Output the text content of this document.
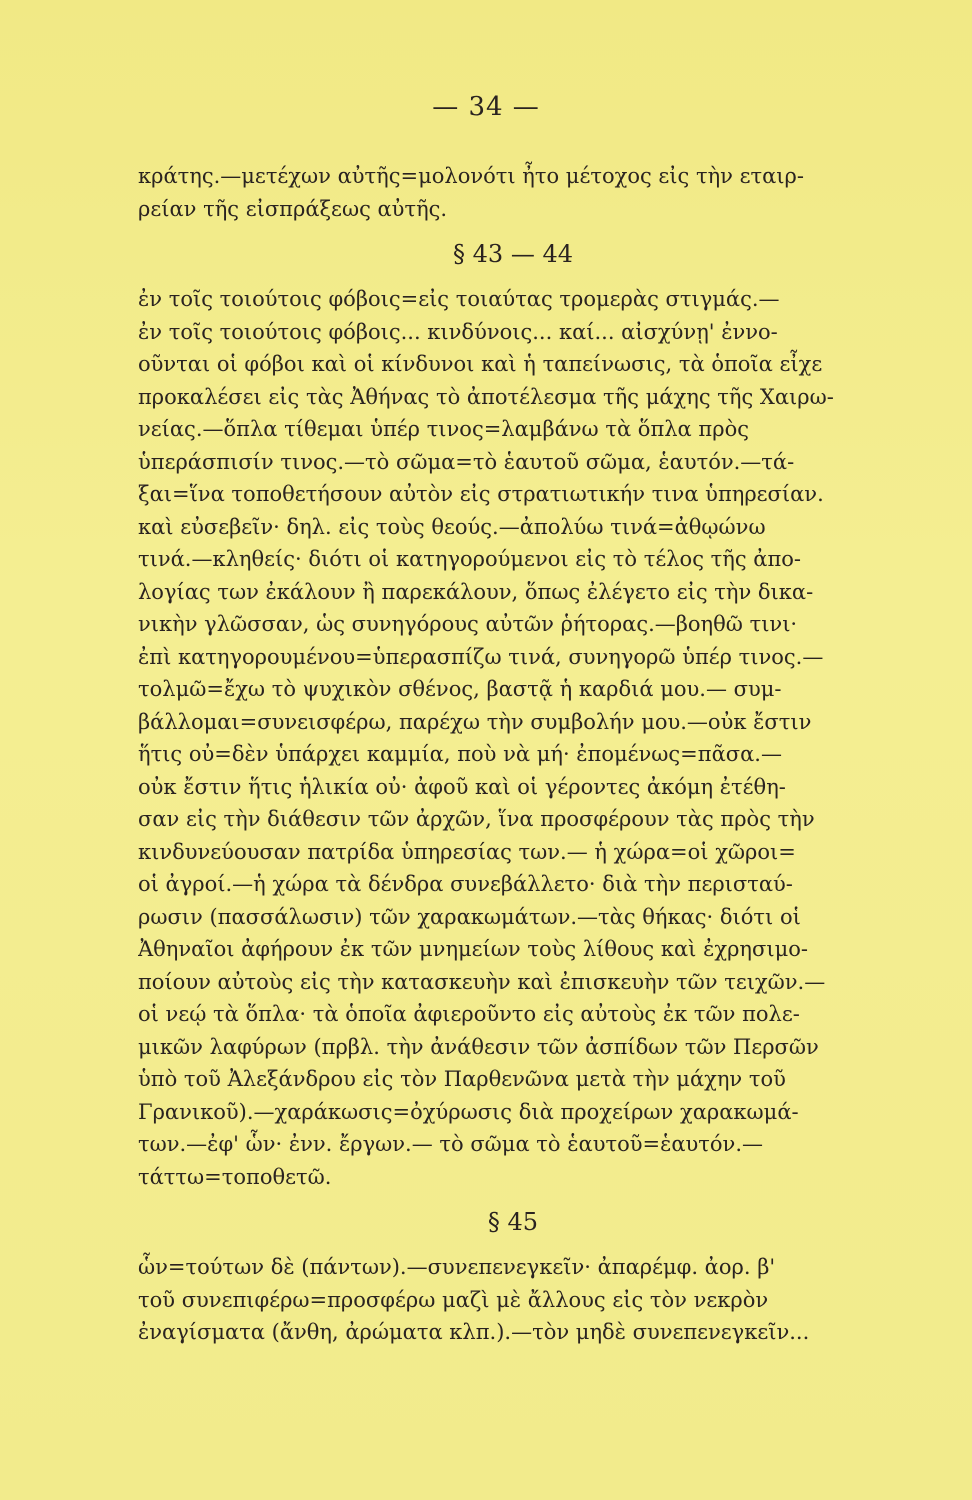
— 34 —
κράτης.—μετέχων αὐτῆς=μολονότι ἦτο μέτοχος εἰς τὴν εταιρ-
ρείαν τῆς εἰσπράξεως αὐτῆς.
§ 43 — 44
ἐν τοῖς τοιούτοις φόβοις=εἰς τοιαύτας τρομερὰς στιγμάς.—
ἐν τοῖς τοιούτοις φόβοις... κινδύνοις... καί... αἰσχύνῃ' ἐννο-
οῦνται οἱ φόβοι καὶ οἱ κίνδυνοι καὶ ἡ ταπείνωσις, τὰ ὁποῖα εἶχε
προκαλέσει εἰς τὰς Ἀθήνας τὸ ἀποτέλεσμα τῆς μάχης τῆς Χαιρω-
νείας.—ὅπλα τίθεμαι ὑπέρ τινος=λαμβάνω τὰ ὅπλα πρὸς
ὑπεράσπισίν τινος.—τὸ σῶμα=τὸ ἑαυτοῦ σῶμα, ἑαυτόν.—τά-
ξαι=ἵνα τοποθετήσουν αὐτὸν εἰς στρατιωτικήν τινα ὑπηρεσίαν.
καὶ εὐσεβεῖν· δηλ. εἰς τοὺς θεούς.—ἀπολύω τινά=ἀθῳώνω
τινά.—κληθείς· διότι οἱ κατηγορούμενοι εἰς τὸ τέλος τῆς ἀπο-
λογίας των ἐκάλουν ἢ παρεκάλουν, ὅπως ἐλέγετο εἰς τὴν δικα-
νικὴν γλῶσσαν, ὡς συνηγόρους αὐτῶν ῥήτορας.—βοηθῶ τινι·
ἐπὶ κατηγορουμένου=ὑπερασπίζω τινά, συνηγορῶ ὑπέρ τινος.—
τολμῶ=ἔχω τὸ ψυχικὸν σθένος, βαστᾷ ἡ καρδιά μου.— συμ-
βάλλομαι=συνεισφέρω, παρέχω τὴν συμβολήν μου.—οὐκ ἔστιν
ἥτις οὐ=δὲν ὑπάρχει καμμία, ποὺ νὰ μή· ἐπομένως=πᾶσα.—
οὐκ ἔστιν ἥτις ἡλικία οὐ· ἀφοῦ καὶ οἱ γέροντες ἀκόμη ἐτέθη-
σαν εἰς τὴν διάθεσιν τῶν ἀρχῶν, ἵνα προσφέρουν τὰς πρὸς τὴν
κινδυνεύουσαν πατρίδα ὑπηρεσίας των.— ἡ χώρα=οἱ χῶροι=
οἱ ἀγροί.—ἡ χώρα τὰ δένδρα συνεβάλλετο· διὰ τὴν περισταύ-
ρωσιν (πασσάλωσιν) τῶν χαρακωμάτων.—τὰς θήκας· διότι οἱ
Ἀθηναῖοι ἀφήρουν ἐκ τῶν μνημείων τοὺς λίθους καὶ ἐχρησιμο-
ποίουν αὐτοὺς εἰς τὴν κατασκευὴν καὶ ἐπισκευὴν τῶν τειχῶν.—
οἱ νεῴ τὰ ὅπλα· τὰ ὁποῖα ἀφιεροῦντο εἰς αὐτοὺς ἐκ τῶν πολε-
μικῶν λαφύρων (πρβλ. τὴν ἀνάθεσιν τῶν ἀσπίδων τῶν Περσῶν
ὑπὸ τοῦ Ἀλεξάνδρου εἰς τὸν Παρθενῶνα μετὰ τὴν μάχην τοῦ
Γρανικοῦ).—χαράκωσις=ὀχύρωσις διὰ προχείρων χαρακωμά-
των.—ἐφ' ὧν· ἐνν. ἔργων.— τὸ σῶμα τὸ ἑαυτοῦ=ἑαυτόν.—
τάττω=τοποθετῶ.
§ 45
ὧν=τούτων δὲ (πάντων).—συνεπενεγκεῖν· ἀπαρέμφ. ἀορ. β'
τοῦ συνεπιφέρω=προσφέρω μαζὶ μὲ ἄλλους εἰς τὸν νεκρὸν
ἐναγίσματα (ἄνθη, ἀρώματα κλπ.).—τὸν μηδὲ συνεπενεγκεῖν...
